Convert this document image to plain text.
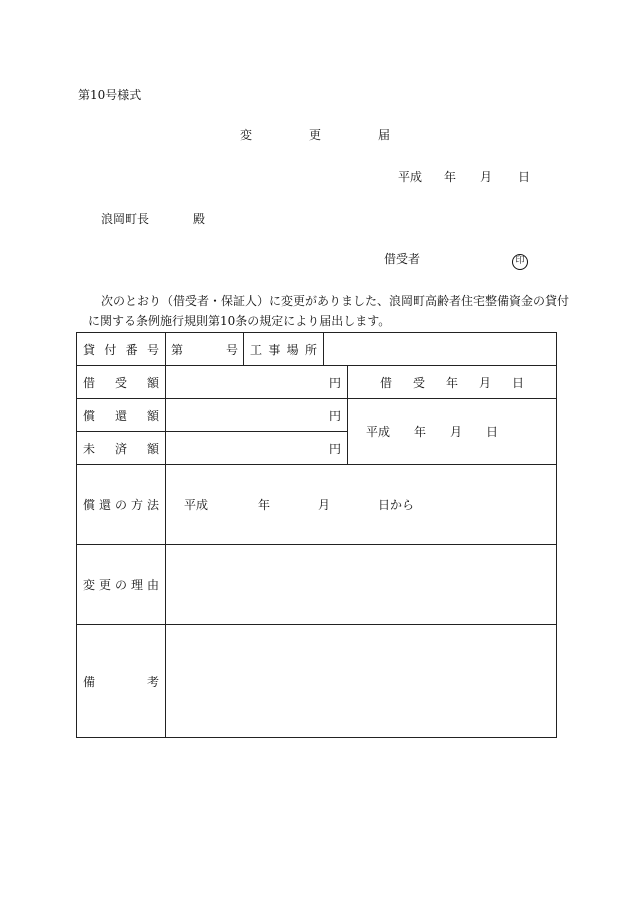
第10号様式
変	更	届
平成 年 月 日
浪岡町長	殿
借受者	印
次のとおり（借受者・保証人）に変更がありました、浪岡町高齢者住宅整備資金の貸付
に関する条例施行規則第10条の規定により届出します。
貸 付 番 号	第 号	工 事 場 所		

借 受 額	円			借 受 年 月 日

償 還 額	円			平成 年 月 日

未 済 額	円			

償 還 の 方 法	平成 年 月 日から			

変 更 の 理 由				

備 考				
